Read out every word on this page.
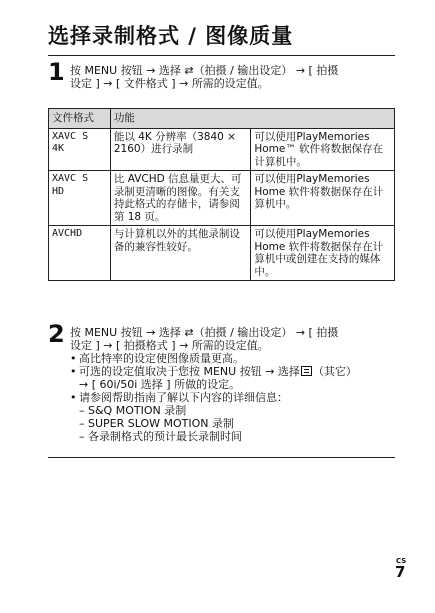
选择录制格式 / 图像质量
1 按 MENU 按钮 → 选择 ⇄（拍摄 / 输出设定） → [ 拍摄
设定 ] → [ 文件格式 ] → 所需的设定值。
文件格式	功能	

XAVC S
4K	能以 4K 分辨率（3840 × 2160）进行录制	可以使用PlayMemories Home™ 软件将数据保存在计算机中。

XAVC S
HD	比 AVCHD 信息量更大、可录制更清晰的图像。有关支持此格式的存储卡，请参阅第 18 页。	可以使用PlayMemories Home 软件将数据保存在计算机中。

AVCHD	与计算机以外的其他录制设备的兼容性较好。	可以使用PlayMemories Home 软件将数据保存在计算机中或创建在支持的媒体中。
2 按 MENU 按钮 → 选择 ⇄（拍摄 / 输出设定） → [ 拍摄
设定 ] → [ 拍摄格式 ] → 所需的设定值。
• 高比特率的设定使图像质量更高。
• 可选的设定值取决于您按 MENU 按钮 → 选择 （其它）
→ [ 60i/50i 选择 ] 所做的设定。
• 请参阅帮助指南了解以下内容的详细信息：
– S&Q MOTION 录制
– SUPER SLOW MOTION 录制
– 各录制格式的预计最长录制时间
CS
7
